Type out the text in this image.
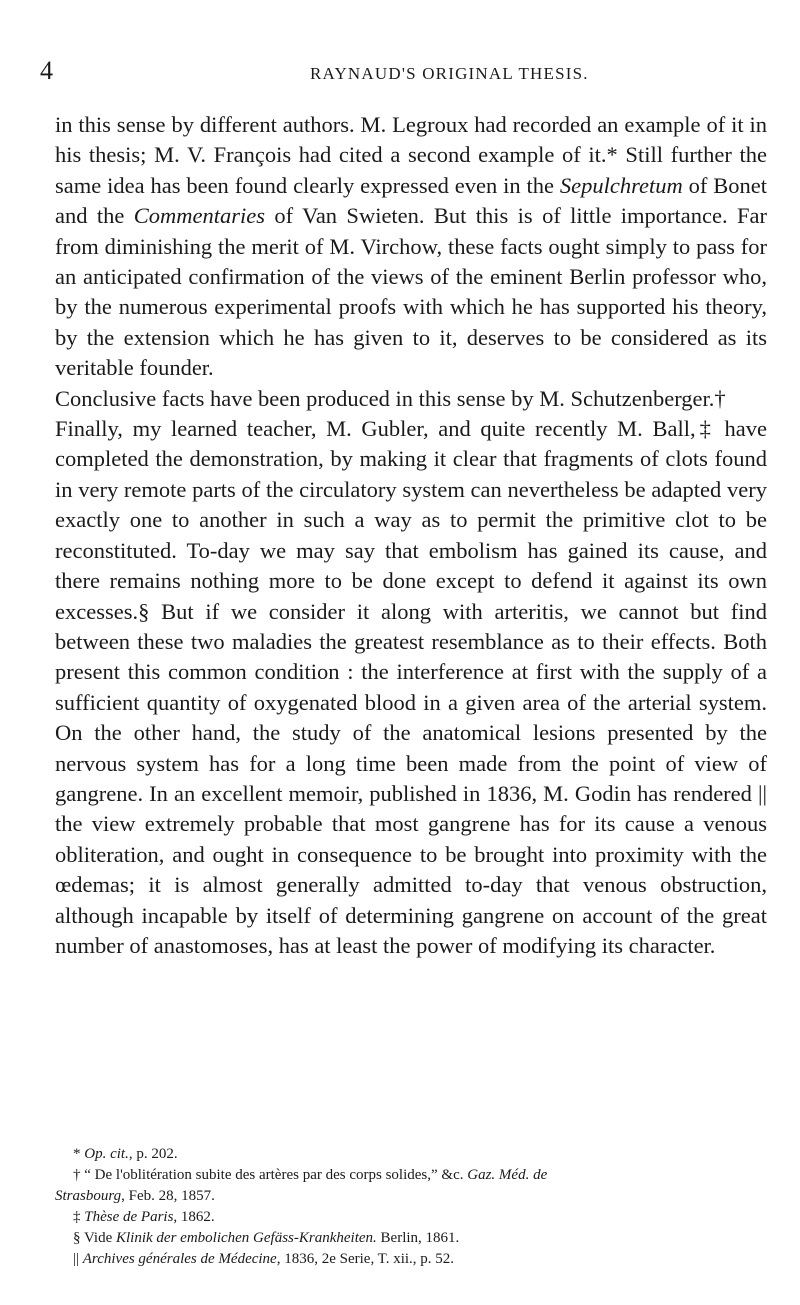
4	RAYNAUD'S ORIGINAL THESIS.

in this sense by different authors. M. Legroux had recorded an example of it in his thesis; M. V. François had cited a second example of it.* Still further the same idea has been found clearly expressed even in the Sepulchretum of Bonet and the Commentaries of Van Swieten. But this is of little importance. Far from diminishing the merit of M. Virchow, these facts ought simply to pass for an anticipated confirmation of the views of the eminent Berlin professor who, by the numerous experimental proofs with which he has supported his theory, by the extension which he has given to it, deserves to be considered as its veritable founder.

Conclusive facts have been produced in this sense by M. Schutzenberger.†

Finally, my learned teacher, M. Gubler, and quite recently M. Ball,‡ have completed the demonstration, by making it clear that fragments of clots found in very remote parts of the circulatory system can nevertheless be adapted very exactly one to another in such a way as to permit the primitive clot to be reconstituted. To-day we may say that embolism has gained its cause, and there remains nothing more to be done except to defend it against its own excesses.§ But if we consider it along with arteritis, we cannot but find between these two maladies the greatest resemblance as to their effects. Both present this common condition : the interference at first with the supply of a sufficient quantity of oxygenated blood in a given area of the arterial system. On the other hand, the study of the anatomical lesions presented by the nervous system has for a long time been made from the point of view of gangrene. In an excellent memoir, published in 1836, M. Godin has rendered || the view extremely probable that most gangrene has for its cause a venous obliteration, and ought in consequence to be brought into proximity with the œdemas; it is almost generally admitted to-day that venous obstruction, although incapable by itself of determining gangrene on account of the great number of anastomoses, has at least the power of modifying its character.

* Op. cit., p. 202.
† “ De l'oblitération subite des artères par des corps solides,” &c. Gaz. Méd. de
Strasbourg, Feb. 28, 1857.
‡ Thèse de Paris, 1862.
§ Vide Klinik der embolichen Gefäss-Krankheiten. Berlin, 1861.
|| Archives générales de Médecine, 1836, 2e Serie, T. xii., p. 52.
